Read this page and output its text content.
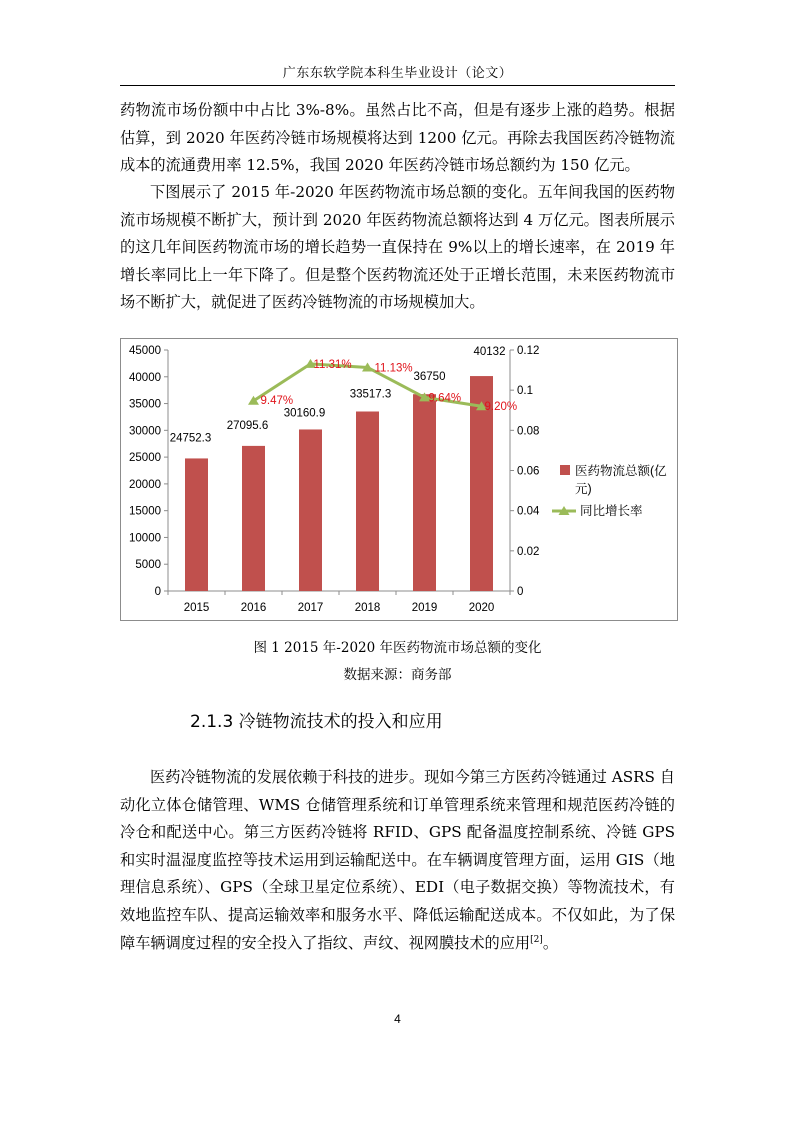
广东东软学院本科生毕业设计（论文）

药物流市场份额中中占比 3%-8%。虽然占比不高，但是有逐步上涨的趋势。根据估算，到 2020 年医药冷链市场规模将达到 1200 亿元。再除去我国医药冷链物流成本的流通费用率 12.5%，我国 2020 年医药冷链市场总额约为 150 亿元。

下图展示了 2015 年-2020 年医药物流市场总额的变化。五年间我国的医药物流市场规模不断扩大，预计到 2020 年医药物流总额将达到 4 万亿元。图表所展示的这几年间医药物流市场的增长趋势一直保持在 9%以上的增长速率，在 2019 年增长率同比上一年下降了。但是整个医药物流还处于正增长范围，未来医药物流市场不断扩大，就促进了医药冷链物流的市场规模加大。

0
5000
10000
15000
20000
25000
30000
35000
40000
45000
0
0.02
0.04
0.06
0.08
0.1
0.12
2015	2016	2017	2018	2019	2020
24752.3
27095.6
30160.9
33517.3
36750
40132
9.47%
11.31% 11.13%
9.64%
9.20%
医药物流总额(亿
元)
同比增长率
图 1 2015 年-2020 年医药物流市场总额的变化
数据来源：商务部
2.1.3 冷链物流技术的投入和应用

医药冷链物流的发展依赖于科技的进步。现如今第三方医药冷链通过 ASRS 自动化立体仓储管理、WMS 仓储管理系统和订单管理系统来管理和规范医药冷链的冷仓和配送中心。第三方医药冷链将 RFID、GPS 配备温度控制系统、冷链 GPS 和实时温湿度监控等技术运用到运输配送中。在车辆调度管理方面，运用 GIS（地理信息系统）、GPS（全球卫星定位系统）、EDI（电子数据交换）等物流技术，有效地监控车队、提高运输效率和服务水平、降低运输配送成本。不仅如此，为了保障车辆调度过程的安全投入了指纹、声纹、视网膜技术的应用[2]。

4
